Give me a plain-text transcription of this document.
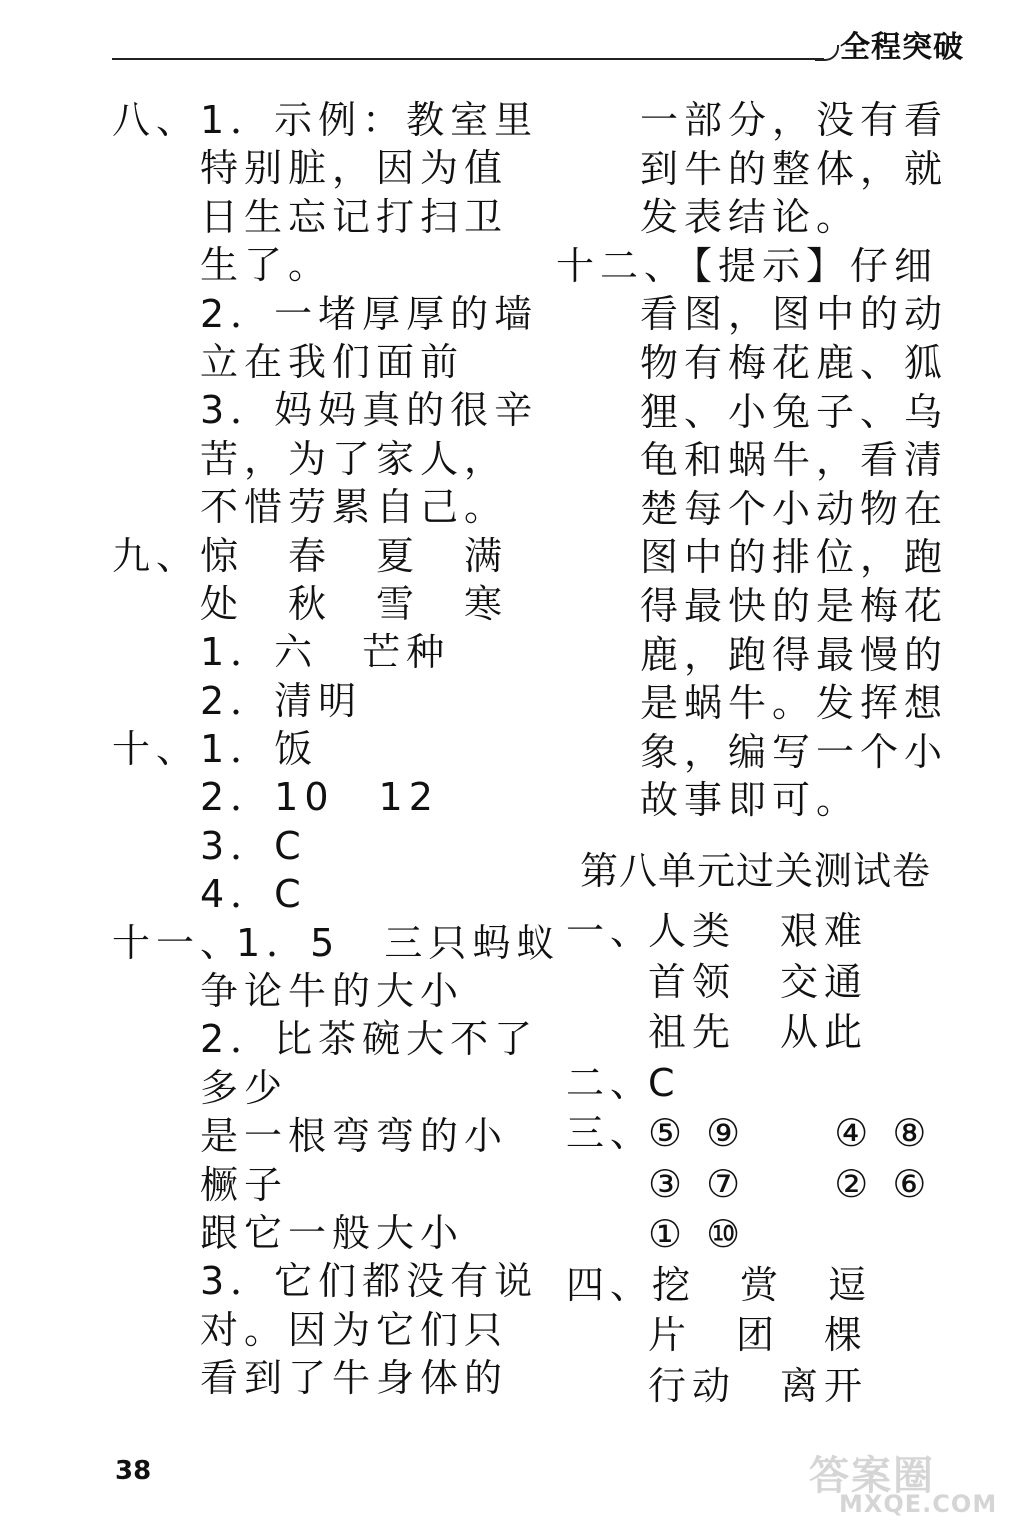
全程突破
八、 1．示例：教室里
特别脏，因为值
日生忘记打扫卫
生了。
2．一堵厚厚的墙
立在我们面前
3．妈妈真的很辛
苦，为了家人，
不惜劳累自己。
九、 惊　春　夏　满
处　秋　雪　寒
1．六　芒种
2．清明
十、 1．饭
2．10　12
3．C
4．C
十一、
1．5　三只蚂蚁
争论牛的大小
2．比茶碗大不了
多少
是一根弯弯的小
橛子
跟它一般大小
3．它们都没有说
对。因为它们只
看到了牛身体的
一部分，没有看
到牛的整体，就
发表结论。
十二、
【提示】仔细
看图，图中的动
物有梅花鹿、狐
狸、小兔子、乌
龟和蜗牛，看清
楚每个小动物在
图中的排位，跑
得最快的是梅花
鹿，跑得最慢的
是蜗牛。发挥想
象，编写一个小
故事即可。
第八单元过关测试卷
一、
人类　艰难
首领　交通
祖先　从此
二、
C
三、
⑤ ⑨　　④ ⑧
③ ⑦　　② ⑥
① ⑩
四、
挖　赏　逗
片　团　棵
行动　离开
38	答案圈
MXQE.COM
